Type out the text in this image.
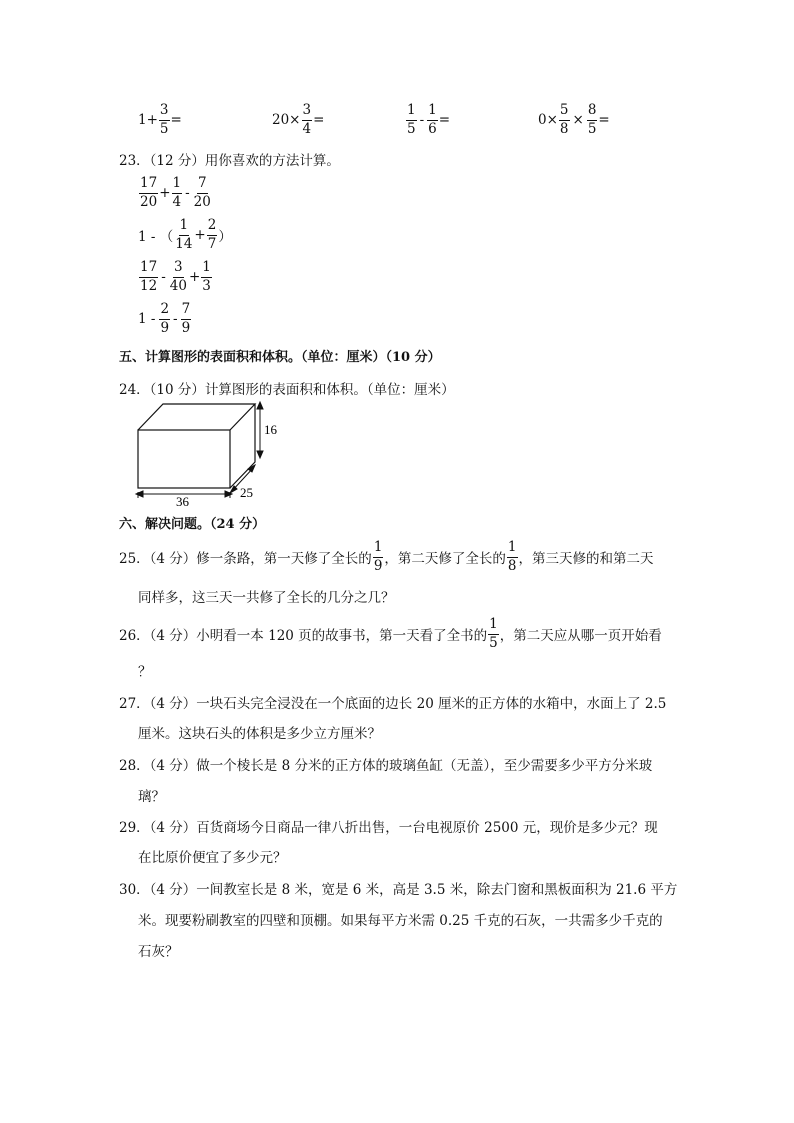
$1+ \frac{3}{5}$ =	$20\times \frac{3}{4}$ =	$\frac{1}{5} - \frac{1}{6}$ =	$0\times \frac{5}{8} \times \frac{8}{5}$ =
23．（12 分）用你喜欢的方法计算。
$\frac{17}{20} + \frac{1}{4} - \frac{7}{20}$
1 - （ $\frac{1}{14} + \frac{2}{7}$ ）
$\frac{17}{12} - \frac{3}{40} + \frac{1}{3}$
$1 - \frac{2}{9} - \frac{7}{9}$
五、计算图形的表面积和体积。（单位：厘米）（10 分）
24．（10 分）计算图形的表面积和体积。（单位：厘米）
16
36
25
六、解决问题。（24 分）
25．（4 分）修一条路，第一天修了全长的 $\frac{1}{9}$ ，第二天修了全长的 $\frac{1}{8}$ ，第三天修的和第二天
同样多，这三天一共修了全长的几分之几？
26．（4 分）小明看一本 120 页的故事书，第一天看了全书的 $\frac{1}{5}$ ，第二天应从哪一页开始看
？
27．（4 分）一块石头完全浸没在一个底面的边长 20 厘米的正方体的水箱中，水面上了 2.5
厘米。这块石头的体积是多少立方厘米？
28．（4 分）做一个棱长是 8 分米的正方体的玻璃鱼缸（无盖），至少需要多少平方分米玻
璃？
29．（4 分）百货商场今日商品一律八折出售，一台电视原价 2500 元，现价是多少元？现
在比原价便宜了多少元？
30．（4 分）一间教室长是 8 米，宽是 6 米，高是 3.5 米，除去门窗和黑板面积为 21.6 平方
米。现要粉刷教室的四壁和顶棚。如果每平方米需 0.25 千克的石灰，一共需多少千克的
石灰？
